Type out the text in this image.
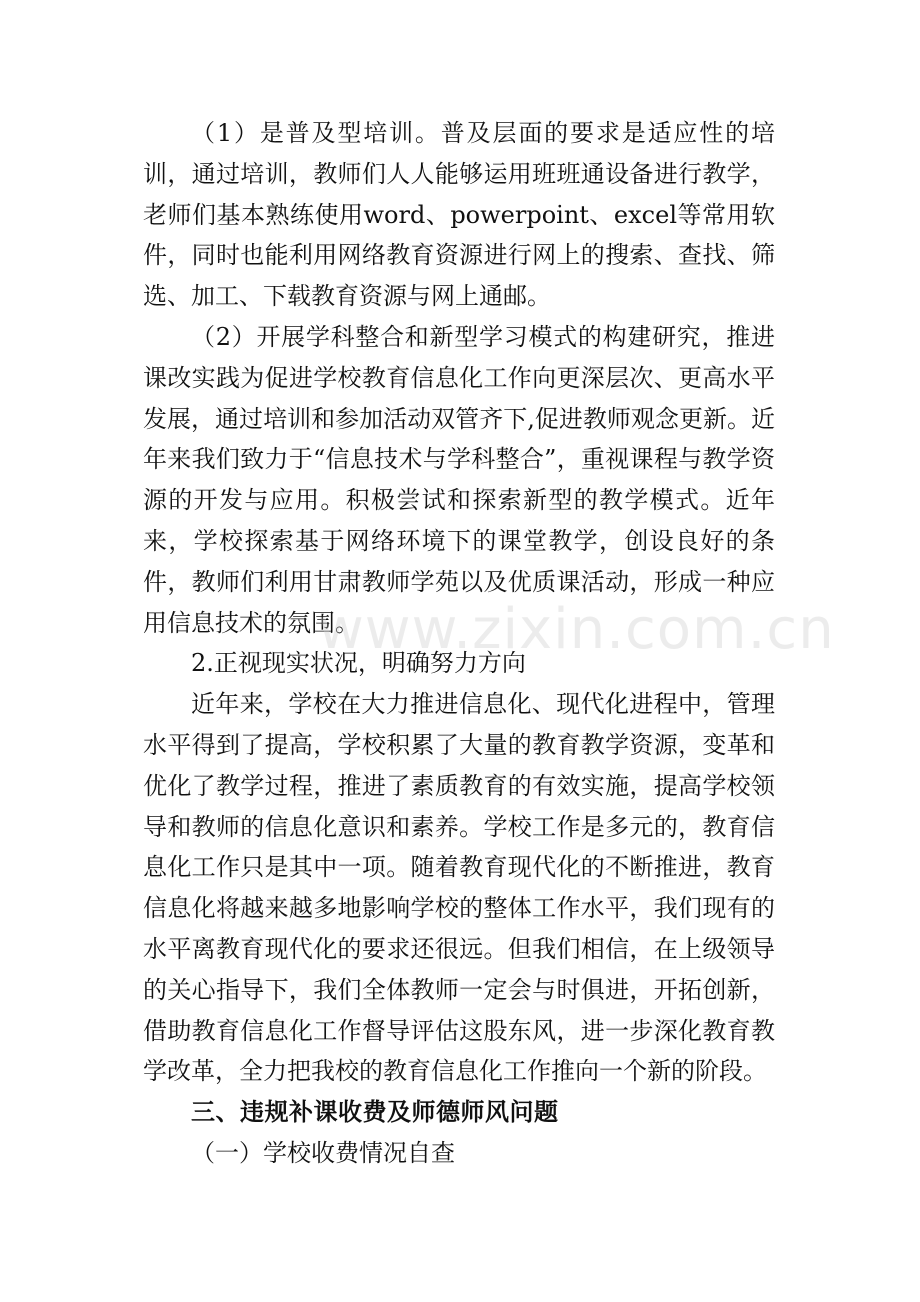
（1）是普及型培训。普及层面的要求是适应性的培训，通过培训，教师们人人能够运用班班通设备进行教学，老师们基本熟练使用word、powerpoint、excel等常用软件，同时也能利用网络教育资源进行网上的搜索、查找、筛选、加工、下载教育资源与网上通邮。

（2）开展学科整合和新型学习模式的构建研究，推进课改实践为促进学校教育信息化工作向更深层次、更高水平发展，通过培训和参加活动双管齐下,促进教师观念更新。近年来我们致力于“信息技术与学科整合”，重视课程与教学资源的开发与应用。积极尝试和探索新型的教学模式。近年来，学校探索基于网络环境下的课堂教学，创设良好的条件，教师们利用甘肃教师学苑以及优质课活动，形成一种应用信息技术的氛围。

2.正视现实状况，明确努力方向

近年来，学校在大力推进信息化、现代化进程中，管理水平得到了提高，学校积累了大量的教育教学资源，变革和优化了教学过程，推进了素质教育的有效实施，提高学校领导和教师的信息化意识和素养。学校工作是多元的，教育信息化工作只是其中一项。随着教育现代化的不断推进，教育信息化将越来越多地影响学校的整体工作水平，我们现有的水平离教育现代化的要求还很远。但我们相信，在上级领导的关心指导下，我们全体教师一定会与时俱进，开拓创新，借助教育信息化工作督导评估这股东风，进一步深化教育教学改革，全力把我校的教育信息化工作推向一个新的阶段。

三、违规补课收费及师德师风问题

（一）学校收费情况自查

www.zixin.com.cn
